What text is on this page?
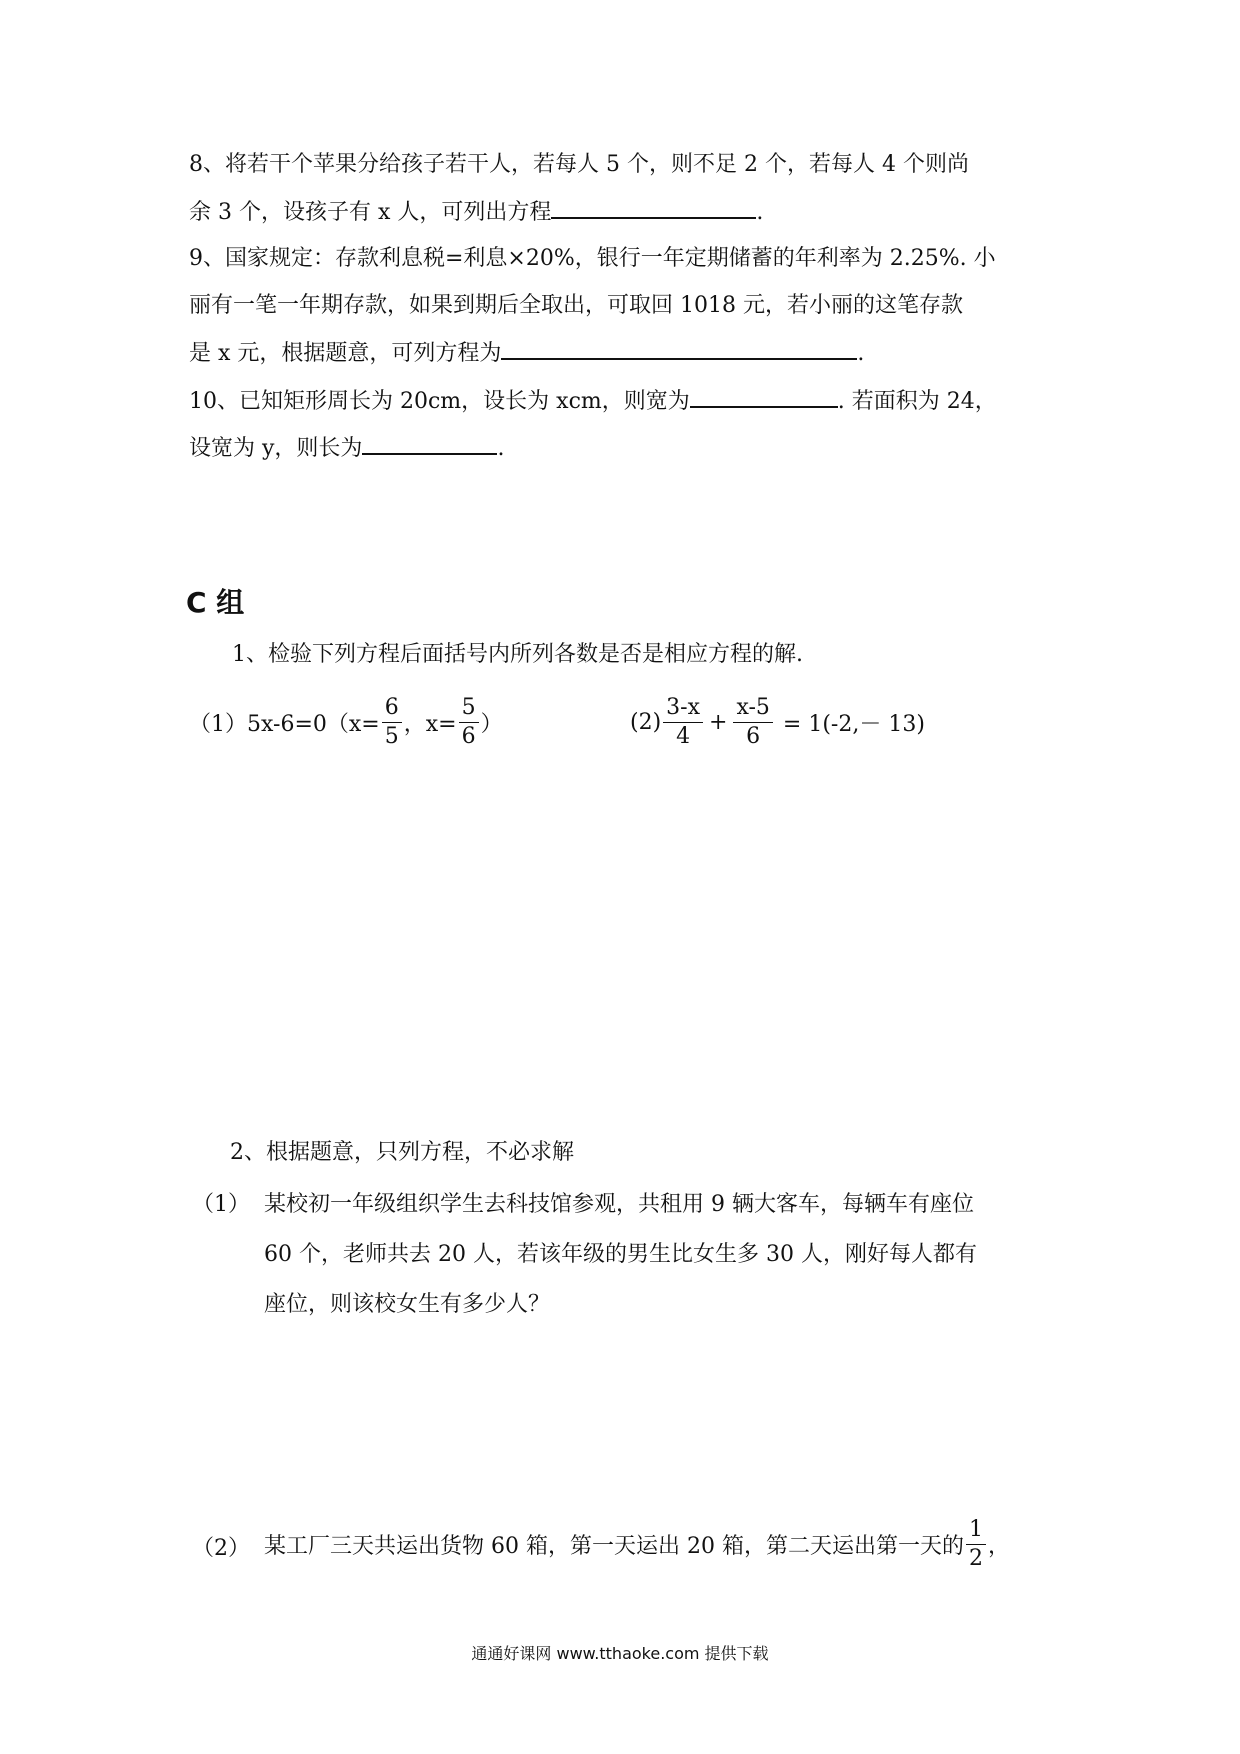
8、将若干个苹果分给孩子若干人，若每人 5 个，则不足 2 个，若每人 4 个则尚
余 3 个，设孩子有 x 人，可列出方程	.
9、国家规定：存款利息税=利息×20%，银行一年定期储蓄的年利率为 2.25%. 小
丽有一笔一年期存款，如果到期后全取出，可取回 1018 元，若小丽的这笔存款
是 x 元，根据题意，可列方程为	.
10、已知矩形周长为 20cm，设长为 xcm，则宽为	. 若面积为 24，
设宽为 y，则长为	.
C 组
1、检验下列方程后面括号内所列各数是否是相应方程的解.
$(1)5x-6=0(x= \frac{6}{5}$ ，$x= \frac{5}{6}$ ）	$(2) \frac{3-x}{4} + \frac{x-5}{6} = 1(-2,- 13)$
2、根据题意，只列方程，不必求解
（1） 某校初一年级组织学生去科技馆参观，共租用 9 辆大客车，每辆车有座位
60 个，老师共去 20 人，若该年级的男生比女生多 30 人，刚好每人都有
座位，则该校女生有多少人？
（2） 某工厂三天共运出货物 60 箱，第一天运出 20 箱，第二天运出第一天的 $\frac{1}{2}$ ，
通通好课网 www.tthaoke.com 提供下载
